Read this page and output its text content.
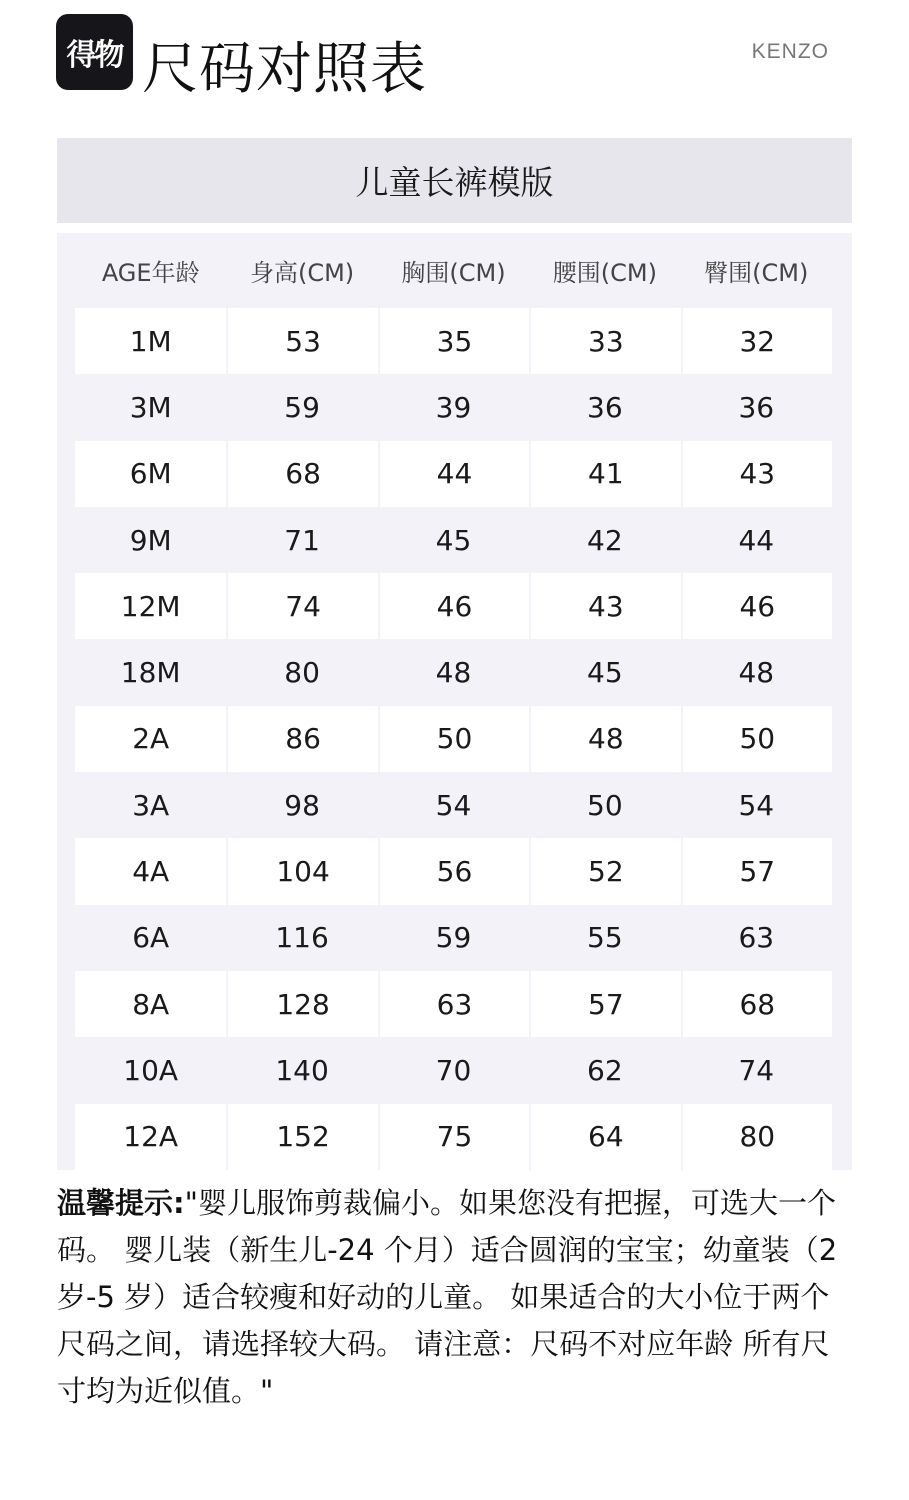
得物 尺码对照表	KENZO
儿童长裤模版
AGE年龄	身高(CM)	胸围(CM)	腰围(CM)	臀围(CM)
1M	53	35	33	32
3M	59	39	36	36
6M	68	44	41	43
9M	71	45	42	44
12M	74	46	43	46
18M	80	48	45	48
2A	86	50	48	50
3A	98	54	50	54
4A	104	56	52	57
6A	116	59	55	63
8A	128	63	57	68
10A	140	70	62	74
12A	152	75	64	80
温馨提示:"婴儿服饰剪裁偏小。如果您没有把握，可选大一个码。 婴儿装（新生儿-24 个月）适合圆润的宝宝；幼童装（2 岁-5 岁）适合较瘦和好动的儿童。 如果适合的大小位于两个尺码之间，请选择较大码。 请注意：尺码不对应年龄 所有尺寸均为近似值。"
